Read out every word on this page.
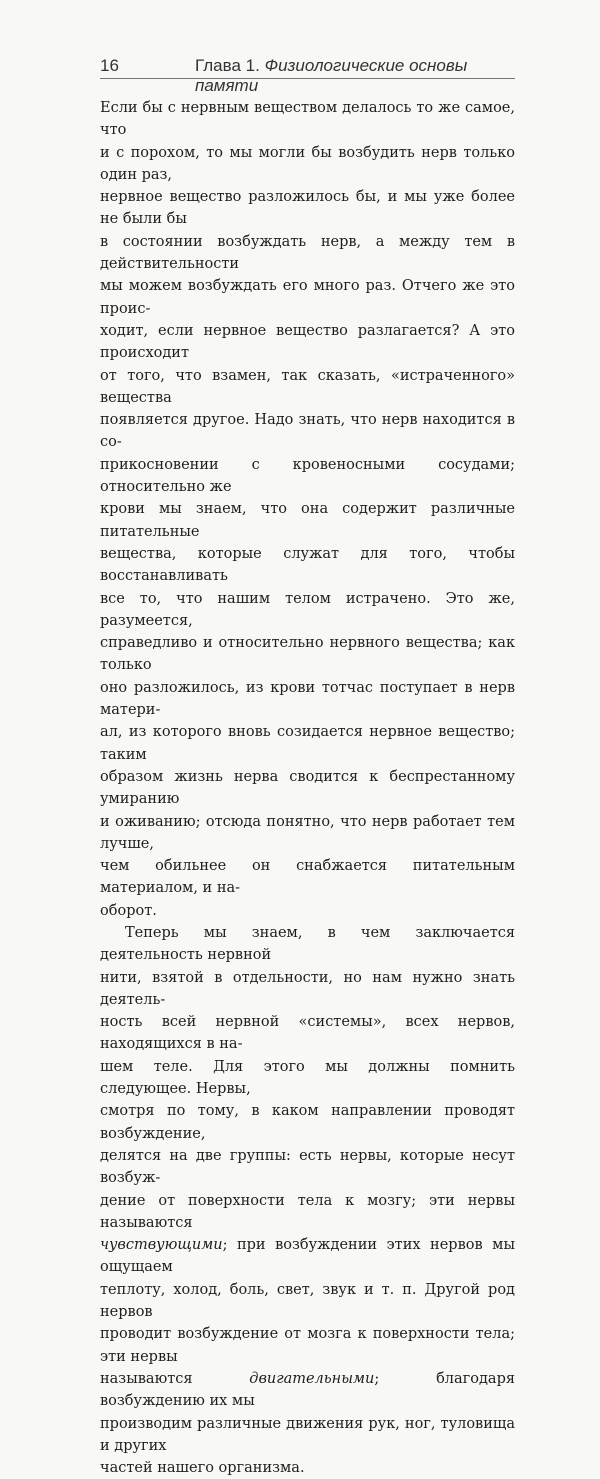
16	Глава 1. Физиологические основы памяти

Если бы с нервным веществом делалось то же самое, что
и с порохом, то мы могли бы возбудить нерв только один раз,
нервное вещество разложилось бы, и мы уже более не были бы
в состоянии возбуждать нерв, а между тем в действительности
мы можем возбуждать его много раз. Отчего же это проис-
ходит, если нервное вещество разлагается? А это происходит
от того, что взамен, так сказать, «истраченного» вещества
появляется другое. Надо знать, что нерв находится в со-
прикосновении с кровеносными сосудами; относительно же
крови мы знаем, что она содержит различные питательные
вещества, которые служат для того, чтобы восстанавливать
все то, что нашим телом истрачено. Это же, разумеется,
справедливо и относительно нервного вещества; как только
оно разложилось, из крови тотчас поступает в нерв матери-
ал, из которого вновь созидается нервное вещество; таким
образом жизнь нерва сводится к беспрестанному умиранию
и оживанию; отсюда понятно, что нерв работает тем лучше,
чем обильнее он снабжается питательным материалом, и на-
оборот.

Теперь мы знаем, в чем заключается деятельность нервной
нити, взятой в отдельности, но нам нужно знать деятель-
ность всей нервной «системы», всех нервов, находящихся в на-
шем теле. Для этого мы должны помнить следующее. Нервы,
смотря по тому, в каком направлении проводят возбуждение,
делятся на две группы: есть нервы, которые несут возбуж-
дение от поверхности тела к мозгу; эти нервы называются
чувствующими; при возбуждении этих нервов мы ощущаем
теплоту, холод, боль, свет, звук и т. п. Другой род нервов
проводит возбуждение от мозга к поверхности тела; эти нервы
называются двигательными; благодаря возбуждению их мы
производим различные движения рук, ног, туловища и других
частей нашего организма.
